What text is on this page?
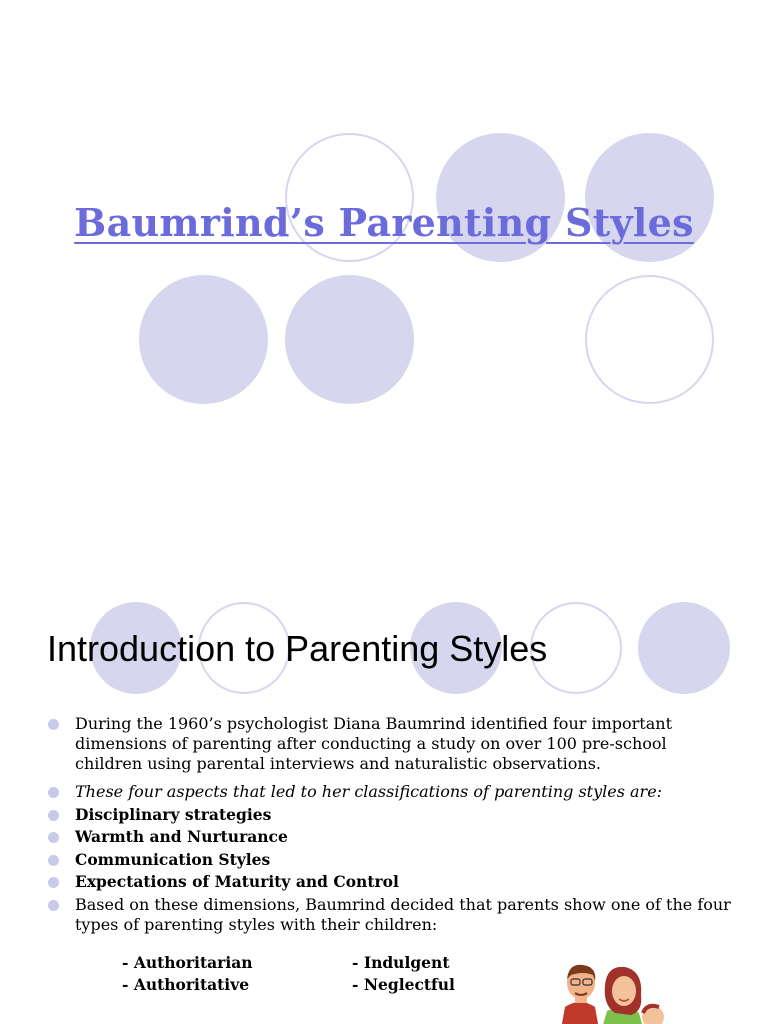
Baumrind’s Parenting Styles
Introduction to Parenting Styles
During the 1960’s psychologist Diana Baumrind identified four important dimensions of parenting after conducting a study on over 100 pre-school children using parental interviews and naturalistic observations.
These four aspects that led to her classifications of parenting styles are:
Disciplinary strategies
Warmth and Nurturance
Communication Styles
Expectations of Maturity and Control
Based on these dimensions, Baumrind decided that parents show one of the four types of parenting styles with their children:
- Authoritarian	- Indulgent
- Authoritative	- Neglectful
